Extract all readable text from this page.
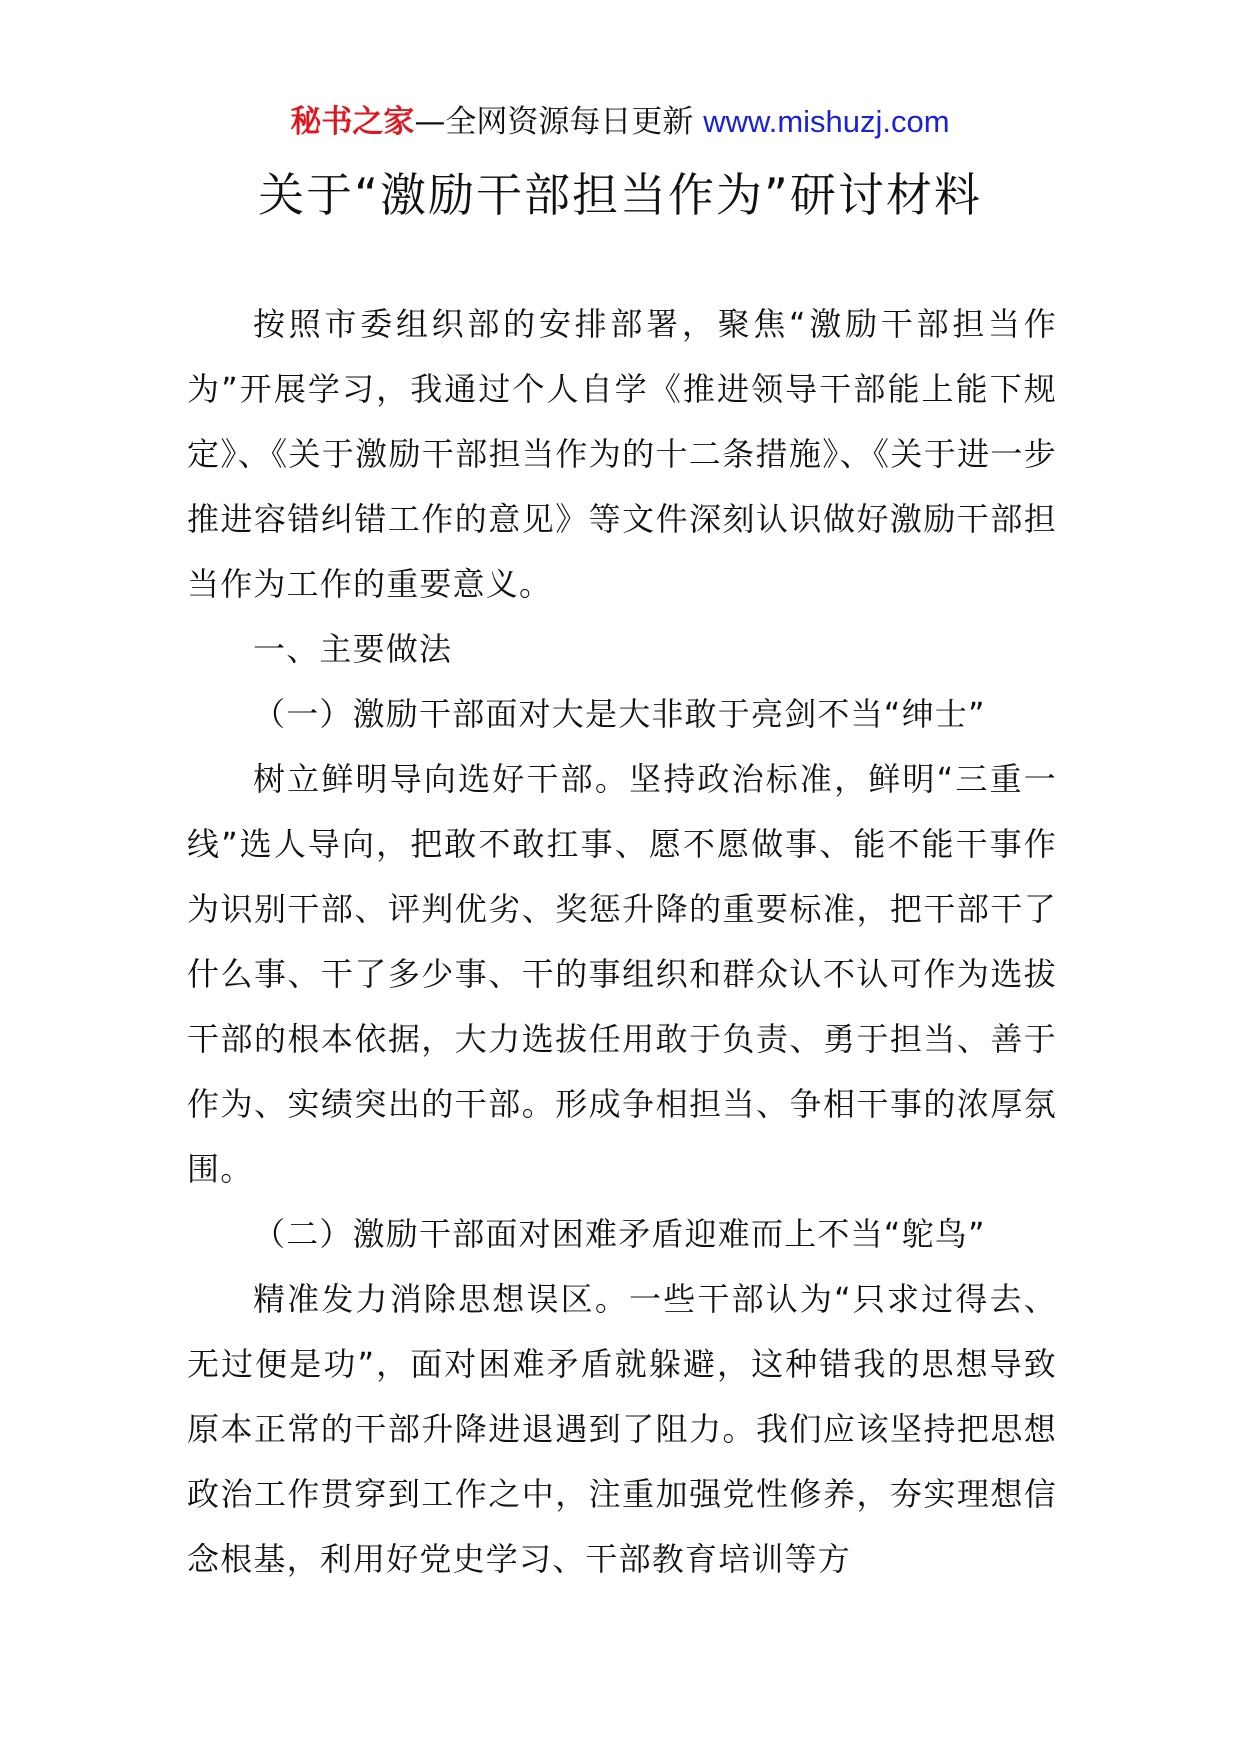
秘书之家—全网资源每日更新 www.mishuzj.com
关于“激励干部担当作为”研讨材料

按照市委组织部的安排部署，聚焦“激励干部担当作为”开展学习，我通过个人自学《推进领导干部能上能下规定》、《关于激励干部担当作为的十二条措施》、《关于进一步推进容错纠错工作的意见》等文件深刻认识做好激励干部担当作为工作的重要意义。

一、主要做法

（一）激励干部面对大是大非敢于亮剑不当“绅士”

树立鲜明导向选好干部。坚持政治标准，鲜明“三重一线”选人导向，把敢不敢扛事、愿不愿做事、能不能干事作为识别干部、评判优劣、奖惩升降的重要标准，把干部干了什么事、干了多少事、干的事组织和群众认不认可作为选拔干部的根本依据，大力选拔任用敢于负责、勇于担当、善于作为、实绩突出的干部。形成争相担当、争相干事的浓厚氛围。

（二）激励干部面对困难矛盾迎难而上不当“鸵鸟”

精准发力消除思想误区。一些干部认为“只求过得去、无过便是功”，面对困难矛盾就躲避，这种错我的思想导致原本正常的干部升降进退遇到了阻力。我们应该坚持把思想政治工作贯穿到工作之中，注重加强党性修养，夯实理想信念根基，利用好党史学习、干部教育培训等方
